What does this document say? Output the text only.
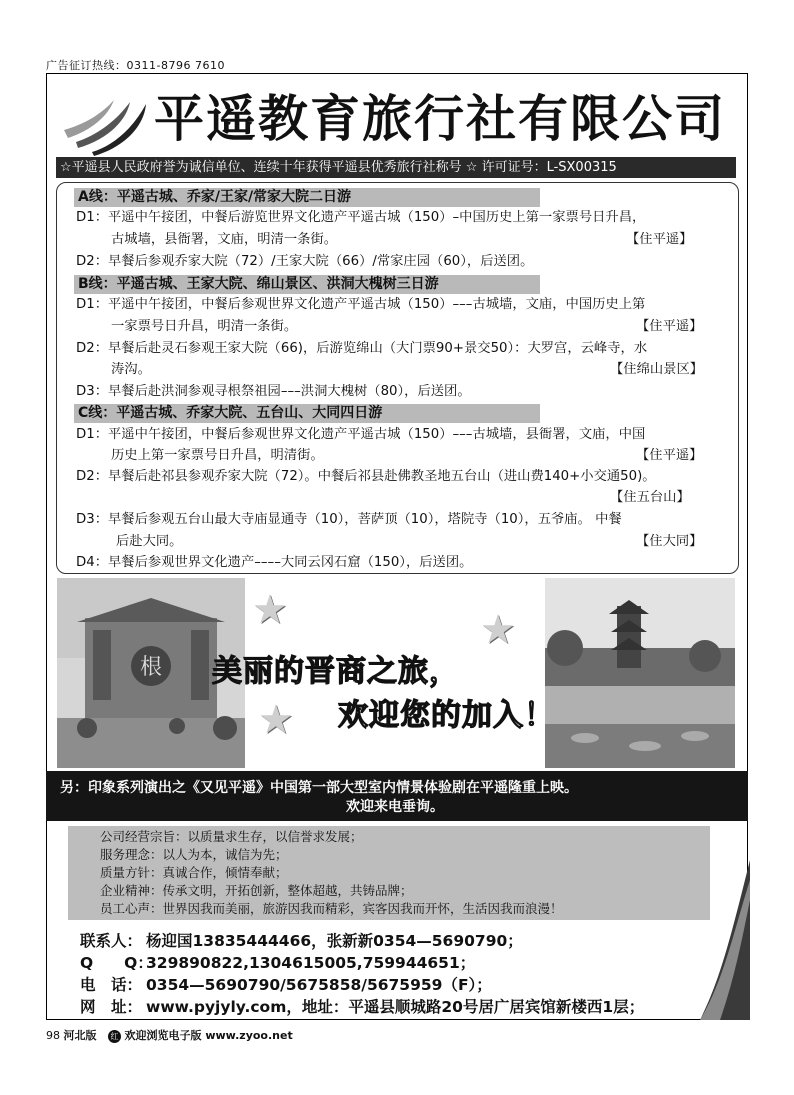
广告征订热线：0311-8796 7610
平遥教育旅行社有限公司
☆平遥县人民政府誉为诚信单位、连续十年获得平遥县优秀旅行社称号 ☆ 许可证号：L-SX00315
A线：平遥古城、乔家/王家/常家大院二日游
D1：平遥中午接团，中餐后游览世界文化遗产平遥古城（150）–中国历史上第一家票号日升昌，
古城墙，县衙署，文庙，明清一条街。	【住平遥】
D2：早餐后参观乔家大院（72）/王家大院（66）/常家庄园（60），后送团。
B线：平遥古城、王家大院、绵山景区、洪洞大槐树三日游
D1：平遥中午接团，中餐后参观世界文化遗产平遥古城（150）–––古城墙，文庙，中国历史上第
一家票号日升昌，明清一条街。	【住平遥】
D2：早餐后赴灵石参观王家大院（66)，后游览绵山（大门票90+景交50）：大罗宫，云峰寺，水
涛沟。	【住绵山景区】
D3：早餐后赴洪洞参观寻根祭祖园–––洪洞大槐树（80），后送团。
C线：平遥古城、乔家大院、五台山、大同四日游
D1：平遥中午接团，中餐后参观世界文化遗产平遥古城（150）–––古城墙，县衙署，文庙，中国
历史上第一家票号日升昌，明清街。	【住平遥】
D2：早餐后赴祁县参观乔家大院（72）。中餐后祁县赴佛教圣地五台山（进山费140+小交通50)。
【住五台山】
D3：早餐后参观五台山最大寺庙显通寺（10），菩萨顶（10），塔院寺（10），五爷庙。 中餐
后赴大同。	【住大同】
D4：早餐后参观世界文化遗产––––大同云冈石窟（150），后送团。
根
★	★
★
美丽的晋商之旅，
欢迎您的加入！
另：印象系列演出之《又见平遥》中国第一部大型室内情景体验剧在平遥隆重上映。
欢迎来电垂询。
公司经营宗旨：以质量求生存，以信誉求发展；
服务理念：以人为本，诚信为先；
质量方针：真诚合作，倾情奉献；
企业精神：传承文明，开拓创新，整体超越，共铸品牌；
员工心声：世界因我而美丽，旅游因我而精彩，宾客因我而开怀，生活因我而浪漫！
联系人： 杨迎国13835444466，张新新0354—5690790；
Q　　Q：329890822,1304615005,759944651；
电　话： 0354—5690790/5675858/5675959（F）；
网　址： www.pyjyly.com，地址：平遥县顺城路20号居广居宾馆新楼西1层；
98 河北版 红 欢迎浏览电子版 www.zyoo.net
